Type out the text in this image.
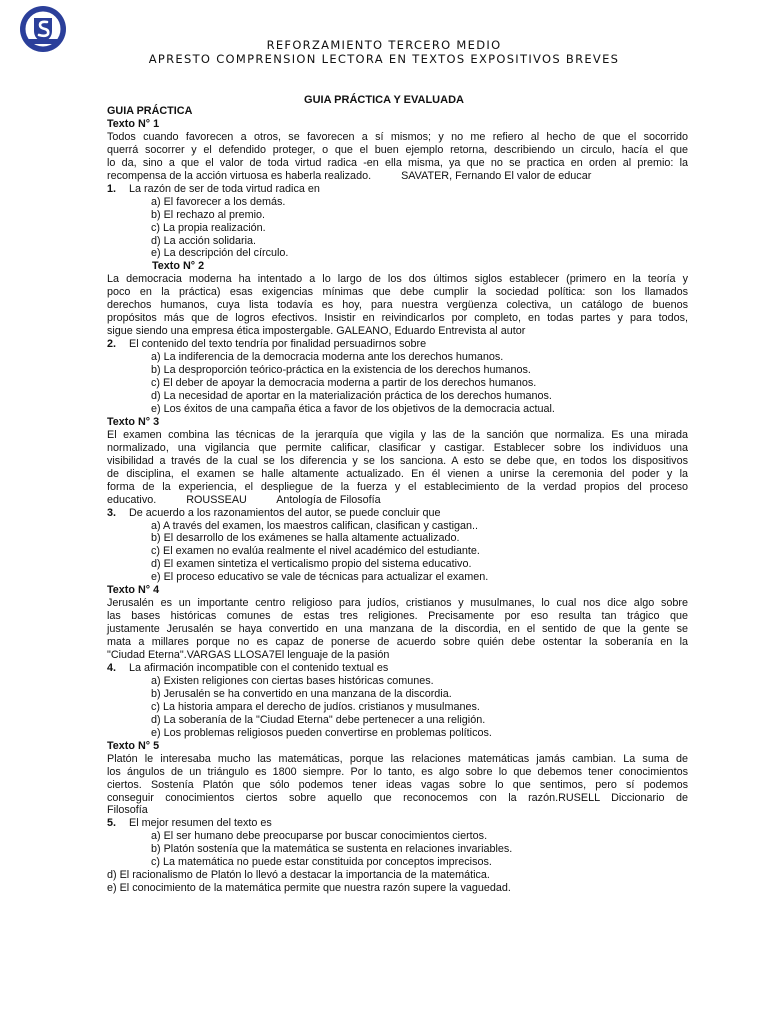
REFORZAMIENTO TERCERO MEDIO
APRESTO COMPRENSION LECTORA EN TEXTOS EXPOSITIVOS BREVES
GUIA PRÁCTICA Y EVALUADA
GUIA PRÁCTICA
Texto N° 1
Todos cuando favorecen a otros, se favorecen a sí mismos; y no me refiero al hecho de que el socorrido
querrá socorrer y el defendido proteger, o que el buen ejemplo retorna, describiendo un circulo, hacía el que
lo da, sino a que el valor de toda virtud radica -en ella misma, ya que no se practica en orden al premio: la
recompensa de la acción virtuosa es haberla realizado.          SAVATER, Fernando El valor de educar
1. La razón de ser de toda virtud radica en
a) El favorecer a los demás.
b) El rechazo al premio.
c) La propia realización.
d) La acción solidaria.
e) La descripción del círculo.
Texto N° 2
La democracia moderna ha intentado a lo largo de los dos últimos siglos establecer (primero en la teoría y
poco en la práctica) esas exigencias mínimas que debe cumplir la sociedad política: son los llamados
derechos humanos, cuya lista todavía es hoy, para nuestra vergüenza colectiva, un catálogo de buenos
propósitos más que de logros efectivos. Insistir en reivindicarlos por completo, en todas partes y para todos,
sigue siendo una empresa ética impostergable. GALEANO, Eduardo Entrevista al autor
2. El contenido del texto tendría por finalidad persuadirnos sobre
a) La indiferencia de la democracia moderna ante los derechos humanos.
b) La desproporción teórico-práctica en la existencia de los derechos humanos.
c) El deber de apoyar la democracia moderna a partir de los derechos humanos.
d) La necesidad de aportar en la materialización práctica de los derechos humanos.
e) Los éxitos de una campaña ética a favor de los objetivos de la democracia actual.
Texto N° 3
El examen combina las técnicas de la jerarquía que vigila y las de la sanción que normaliza. Es una mirada
normalizado, una vigilancia que permite calificar, clasificar y castigar. Establecer sobre los individuos una
visibilidad a través de la cual se los diferencia y se los sanciona. A esto se debe que, en todos los dispositivos
de disciplina, el examen se halle altamente actualizado. En él vienen a unirse la ceremonia del poder y la
forma de la experiencia, el despliegue de la fuerza y el establecimiento de la verdad propios del proceso
educativo.          ROUSSEAU          Antología de Filosofía
3. De acuerdo a los razonamientos del autor, se puede concluir que
a) A través del examen, los maestros califican, clasifican y castigan..
b) El desarrollo de los exámenes se halla altamente actualizado.
c) El examen no evalúa realmente el nivel académico del estudiante.
d) El examen sintetiza el verticalismo propio del sistema educativo.
e) El proceso educativo se vale de técnicas para actualizar el examen.
Texto N° 4
Jerusalén es un importante centro religioso para judíos, cristianos y musulmanes, lo cual nos dice algo sobre
las bases históricas comunes de estas tres religiones. Precisamente por eso resulta tan trágico que
justamente Jerusalén se haya convertido en una manzana de la discordia, en el sentido de que la gente se
mata a millares porque no es capaz de ponerse de acuerdo sobre quién debe ostentar la soberanía en la
"Ciudad Eterna".VARGAS LLOSA7El lenguaje de la pasión
4. La afirmación incompatible con el contenido textual es
a) Existen religiones con ciertas bases históricas comunes.
b) Jerusalén se ha convertido en una manzana de la discordia.
c) La historia ampara el derecho de judíos. cristianos y musulmanes.
d) La soberanía de la "Ciudad Eterna" debe pertenecer a una religión.
e) Los problemas religiosos pueden convertirse en problemas políticos.
Texto N° 5
Platón le interesaba mucho las matemáticas, porque las relaciones matemáticas jamás cambian. La suma de
los ángulos de un triángulo es 1800 siempre. Por lo tanto, es algo sobre lo que debemos tener conocimientos
ciertos. Sostenía Platón que sólo podemos tener ideas vagas sobre lo que sentimos, pero sí podemos
conseguir conocimientos ciertos sobre aquello que reconocemos con la razón.RUSELL Diccionario de
Filosofía
5. El mejor resumen del texto es
a) El ser humano debe preocuparse por buscar conocimientos ciertos.
b) Platón sostenía que la matemática se sustenta en relaciones invariables.
c) La matemática no puede estar constituida por conceptos imprecisos.
d) El racionalismo de Platón lo llevó a destacar la importancia de la matemática.
e) El conocimiento de la matemática permite que nuestra razón supere la vaguedad.
